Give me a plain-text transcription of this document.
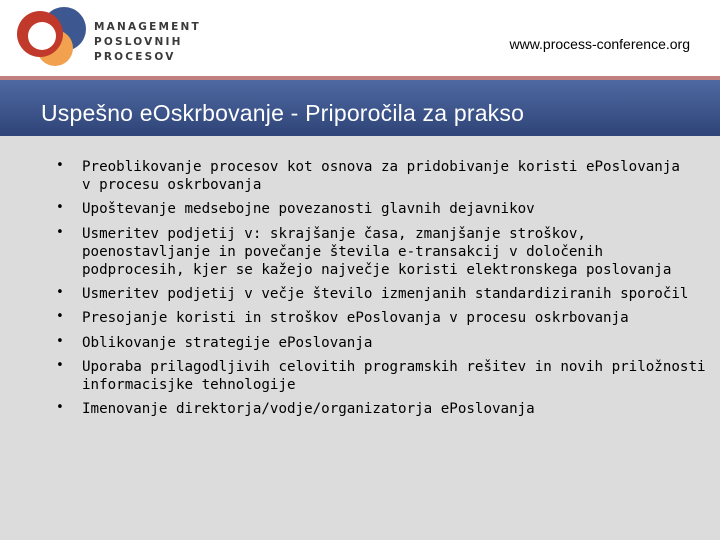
MANAGEMENT
POSLOVNIH
PROCESOV
www.process-conference.org
Uspešno eOskrbovanje - Priporočila za prakso
• Preoblikovanje procesov kot osnova za pridobivanje koristi ePoslovanja
v procesu oskrbovanja
• Upoštevanje medsebojne povezanosti glavnih dejavnikov
• Usmeritev podjetij v: skrajšanje časa, zmanjšanje stroškov,
poenostavljanje in povečanje števila e-transakcij v določenih
podprocesih, kjer se kažejo največje koristi elektronskega poslovanja
• Usmeritev podjetij v večje število izmenjanih standardiziranih sporočil
• Presojanje koristi in stroškov ePoslovanja v procesu oskrbovanja
• Oblikovanje strategije ePoslovanja
• Uporaba prilagodljivih celovitih programskih rešitev in novih priložnosti
informacisjke tehnologije
• Imenovanje direktorja/vodje/organizatorja ePoslovanja
